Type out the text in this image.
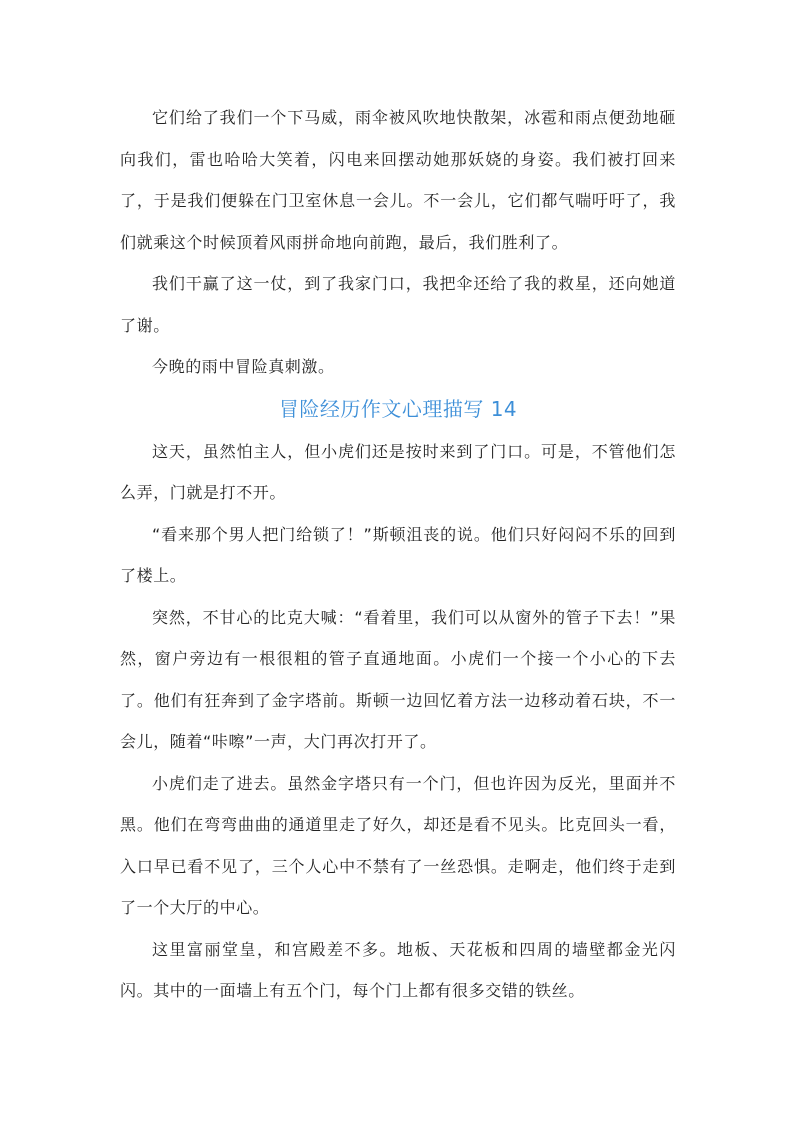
它们给了我们一个下马威，雨伞被风吹地快散架，冰雹和雨点便劲地砸向我们，雷也哈哈大笑着，闪电来回摆动她那妖娆的身姿。我们被打回来了，于是我们便躲在门卫室休息一会儿。不一会儿，它们都气喘吁吁了，我们就乘这个时候顶着风雨拼命地向前跑，最后，我们胜利了。

我们干赢了这一仗，到了我家门口，我把伞还给了我的救星，还向她道了谢。

今晚的雨中冒险真刺激。

冒险经历作文心理描写 14

这天，虽然怕主人，但小虎们还是按时来到了门口。可是，不管他们怎么弄，门就是打不开。

“看来那个男人把门给锁了！”斯顿沮丧的说。他们只好闷闷不乐的回到了楼上。

突然，不甘心的比克大喊：“看着里，我们可以从窗外的管子下去！”果然，窗户旁边有一根很粗的管子直通地面。小虎们一个接一个小心的下去了。他们有狂奔到了金字塔前。斯顿一边回忆着方法一边移动着石块，不一会儿，随着“咔嚓”一声，大门再次打开了。

小虎们走了进去。虽然金字塔只有一个门，但也许因为反光，里面并不黑。他们在弯弯曲曲的通道里走了好久，却还是看不见头。比克回头一看，入口早已看不见了，三个人心中不禁有了一丝恐惧。走啊走，他们终于走到了一个大厅的中心。

这里富丽堂皇，和宫殿差不多。地板、天花板和四周的墙壁都金光闪闪。其中的一面墙上有五个门，每个门上都有很多交错的铁丝。
